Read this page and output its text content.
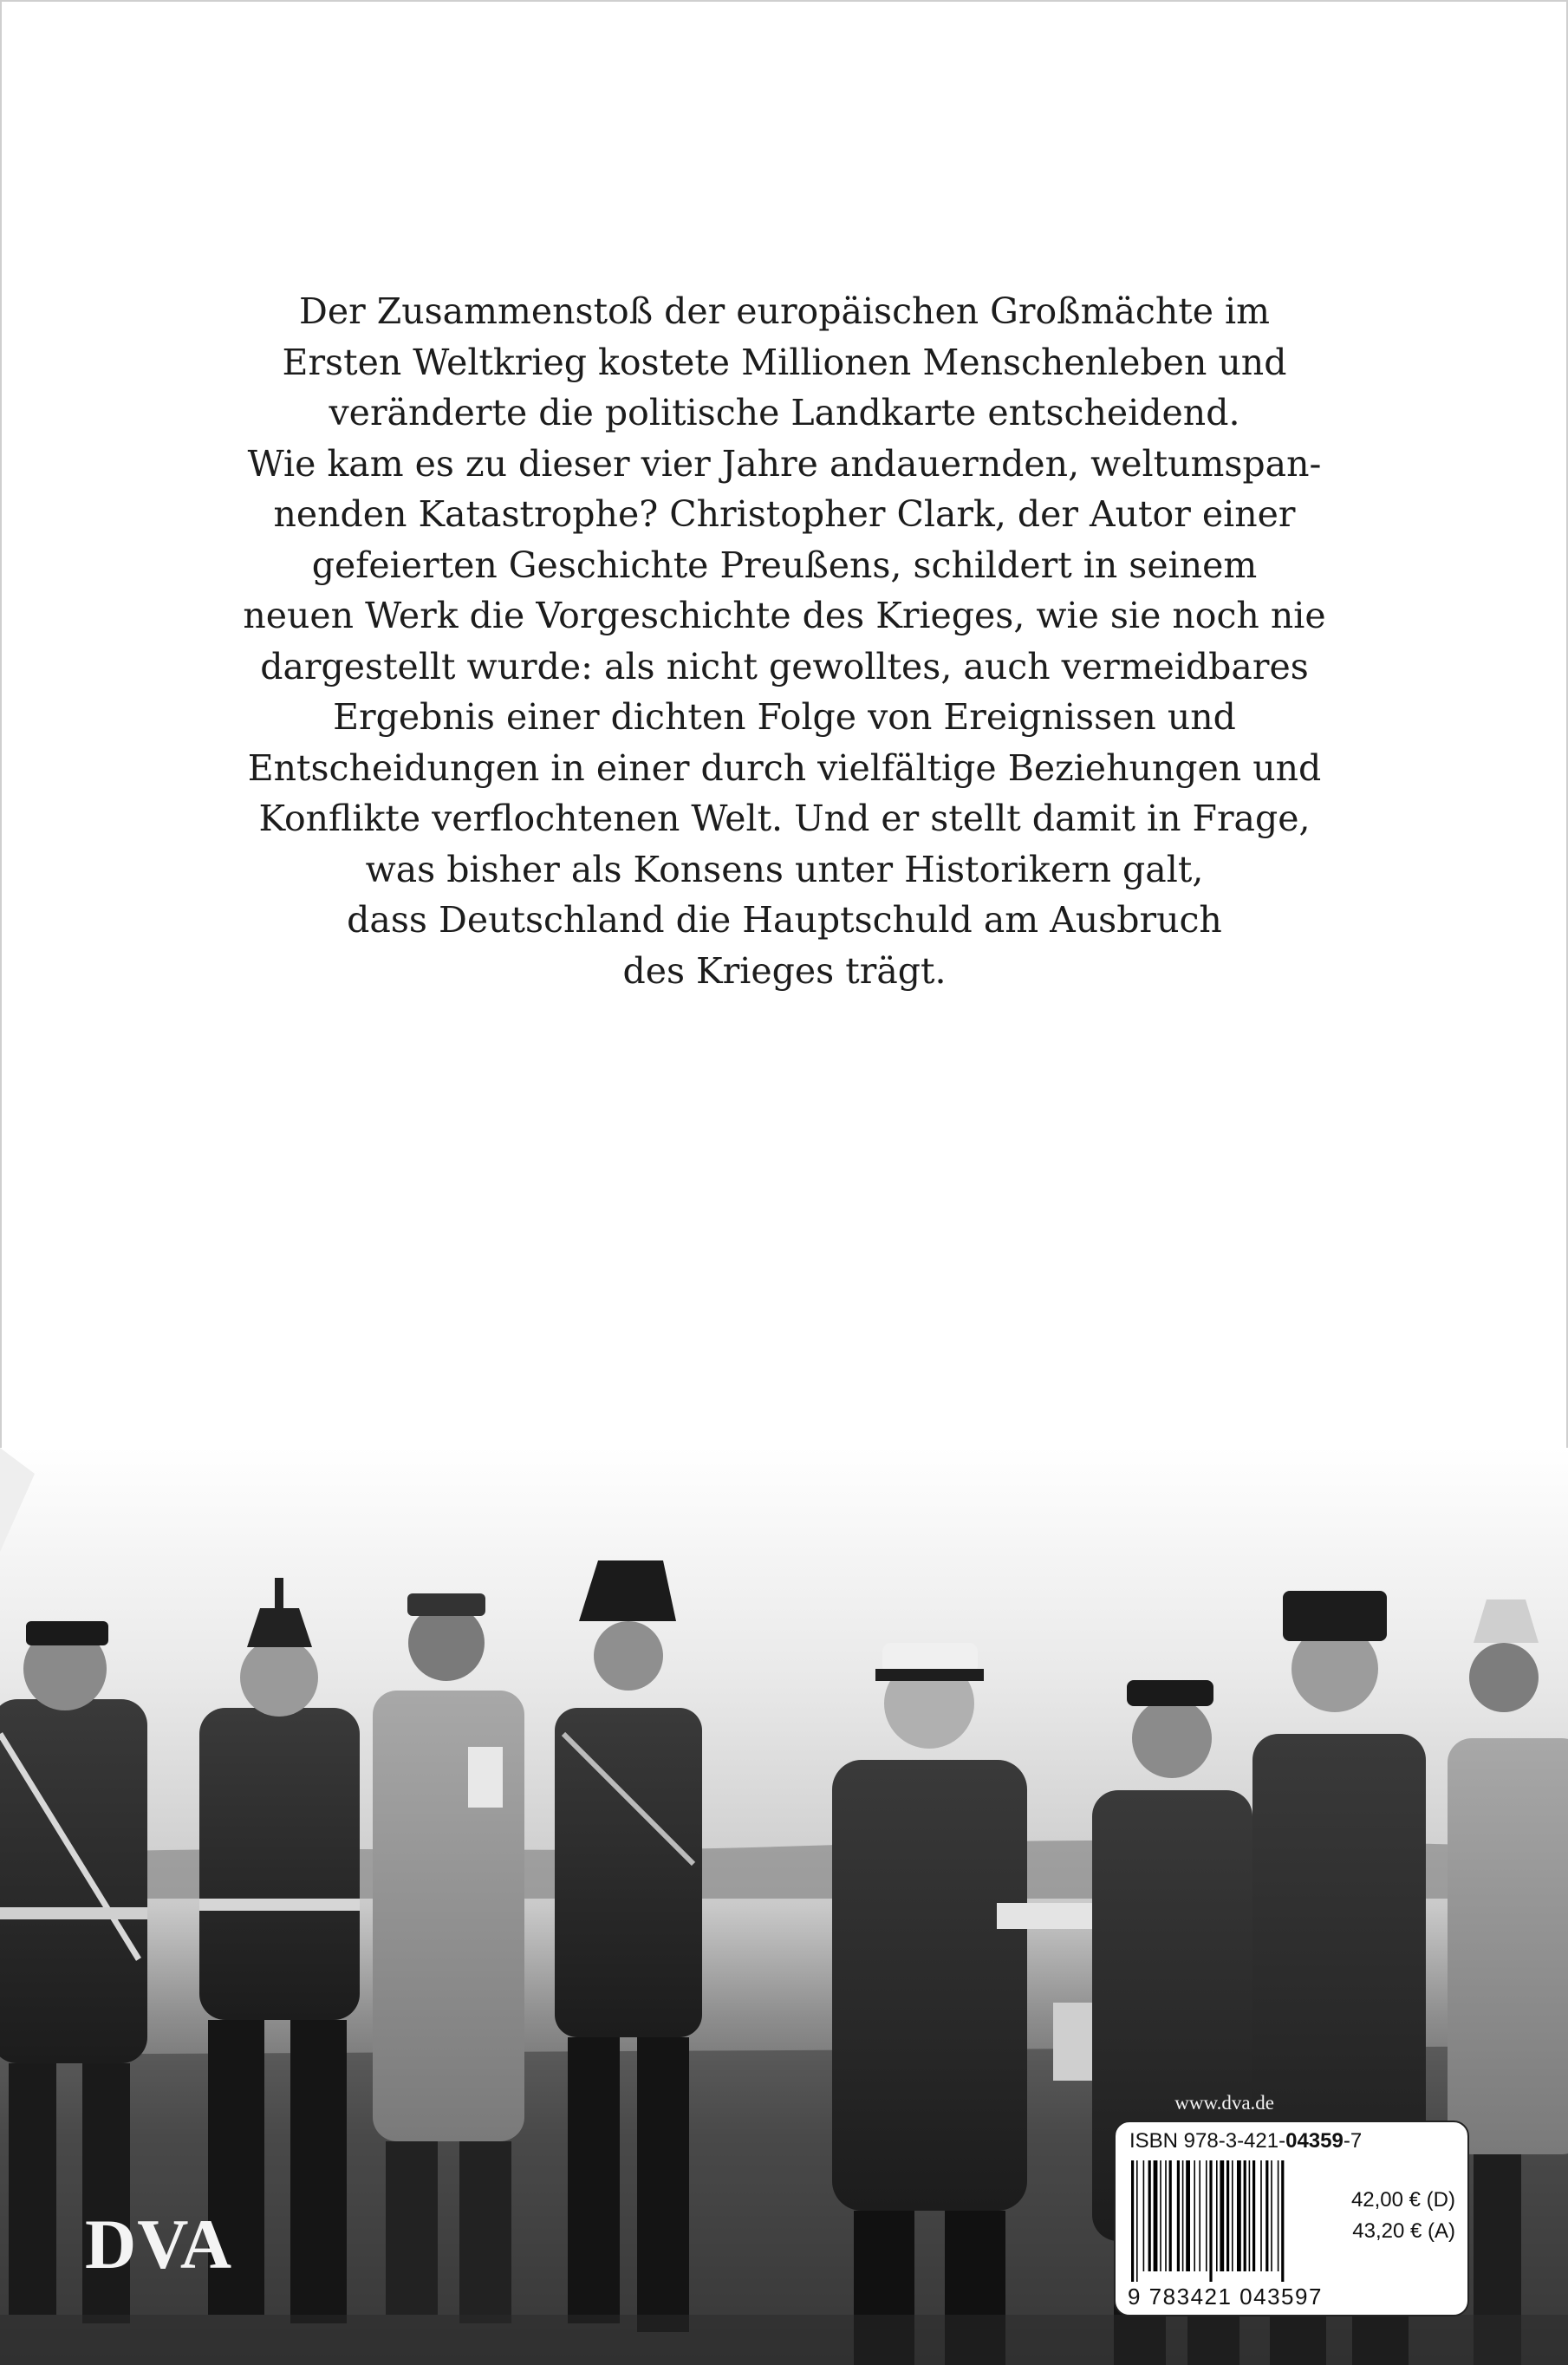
Der Zusammenstoß der europäischen Großmächte im
Ersten Weltkrieg kostete Millionen Menschenleben und
veränderte die politische Landkarte entscheidend.
Wie kam es zu dieser vier Jahre andauernden, weltumspan-
nenden Katastrophe? Christopher Clark, der Autor einer
gefeierten Geschichte Preußens, schildert in seinem
neuen Werk die Vorgeschichte des Krieges, wie sie noch nie
dargestellt wurde: als nicht gewolltes, auch vermeidbares
Ergebnis einer dichten Folge von Ereignissen und
Entscheidungen in einer durch vielfältige Beziehungen und
Konflikte verflochtenen Welt. Und er stellt damit in Frage,
was bisher als Konsens unter Historikern galt,
dass Deutschland die Hauptschuld am Ausbruch
des Krieges trägt.
www.dva.de
ISBN 978-3-421-04359-7
42,00 € (D)
43,20 € (A)
9 783421 043597
DVA
